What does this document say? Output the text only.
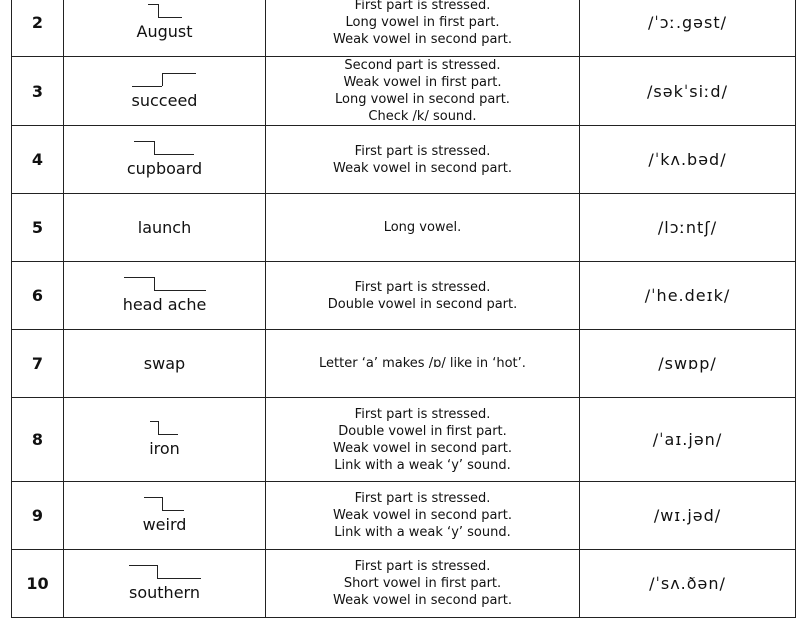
2	August	First part is stressed.
Long vowel in first part.
Weak vowel in second part.	/ˈɔː.gəst/
3	succeed	Second part is stressed.
Weak vowel in first part.
Long vowel in second part.
Check /k/ sound.	/səkˈsiːd/
4	cupboard	First part is stressed.
Weak vowel in second part.	/ˈkʌ.bəd/
5	launch	Long vowel.	/lɔːntʃ/
6	head ache	First part is stressed.
Double vowel in second part.	/ˈhe.deɪk/
7	swap	Letter ‘a’ makes /ɒ/ like in ‘hot’.	/swɒp/
8	iron	First part is stressed.
Double vowel in first part.
Weak vowel in second part.
Link with a weak ‘y’ sound.	/ˈaɪ.jən/
9	weird	First part is stressed.
Weak vowel in second part.
Link with a weak ‘y’ sound.	/wɪ.jəd/
10	southern	First part is stressed.
Short vowel in first part.
Weak vowel in second part.	/ˈsʌ.ðən/
